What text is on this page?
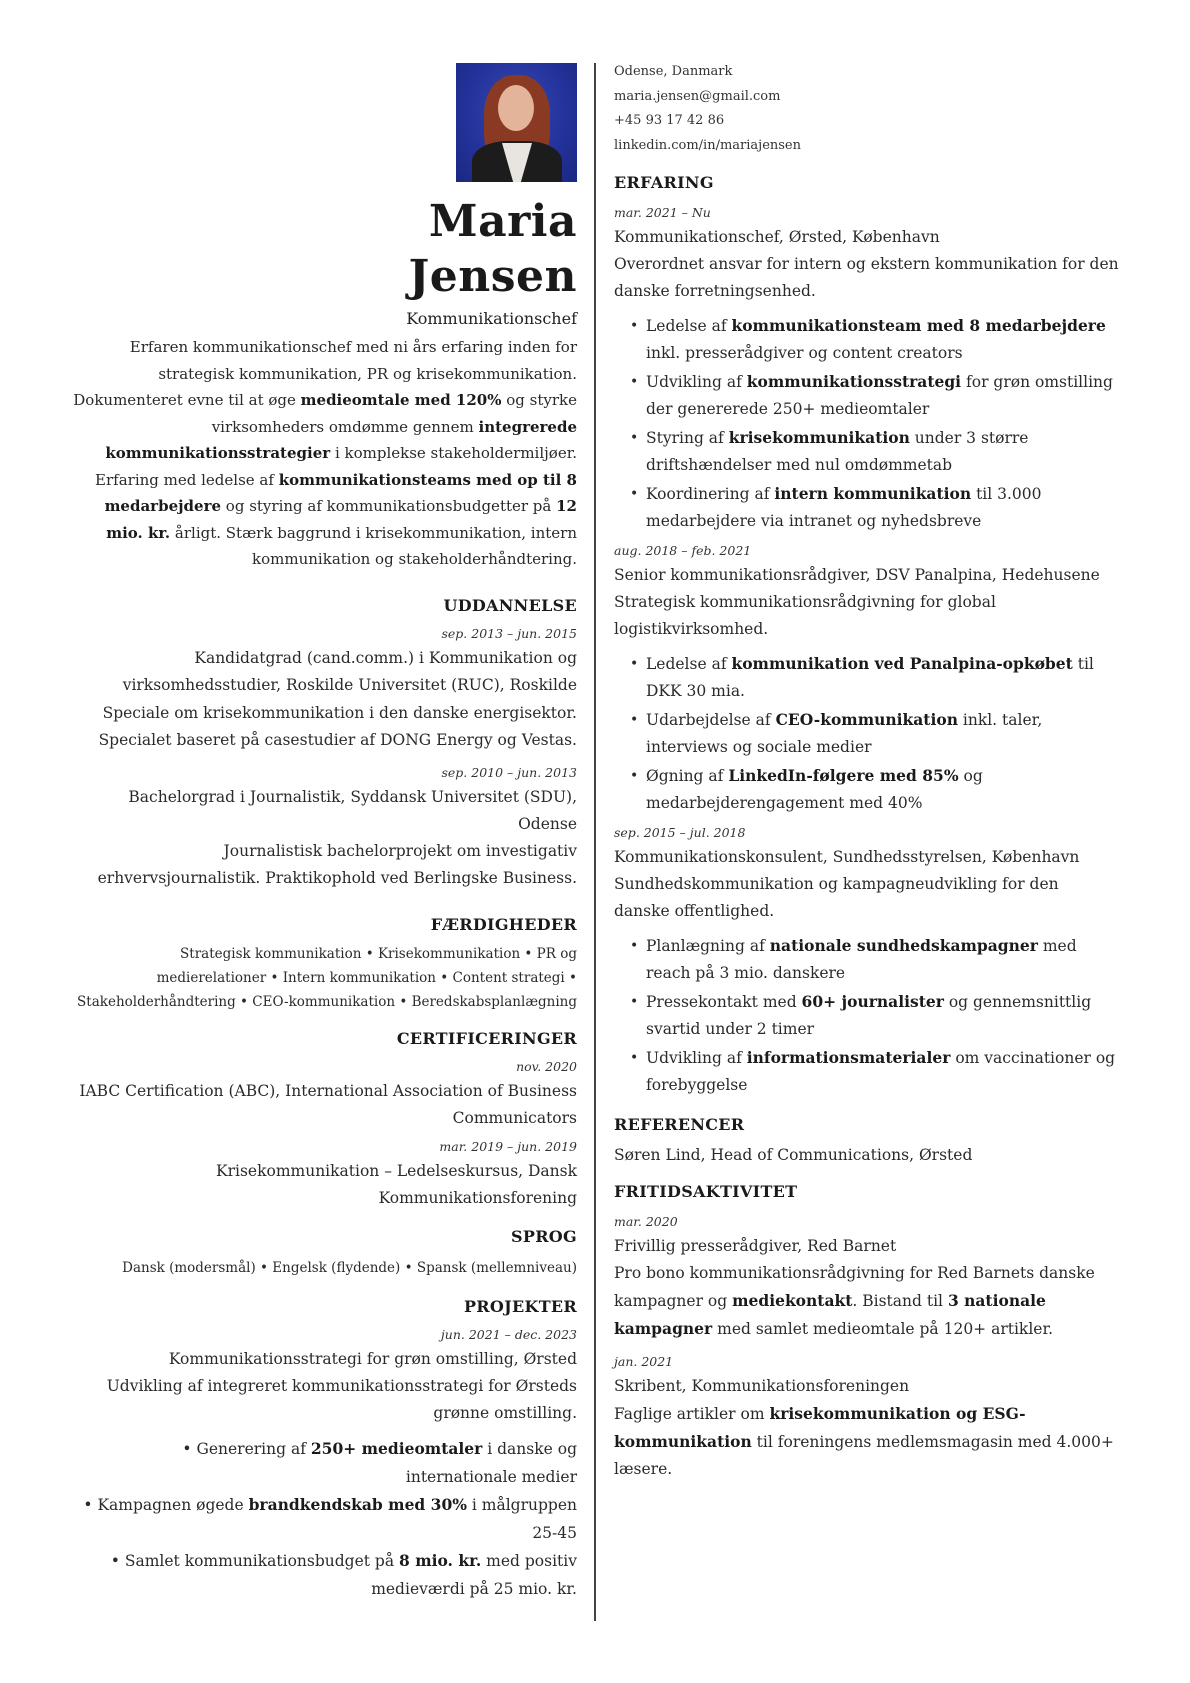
Maria
Jensen
Kommunikationschef

Erfaren kommunikationschef med ni års erfaring inden for strategisk kommunikation, PR og krisekommunikation. Dokumenteret evne til at øge medieomtale med 120% og styrke virksomheders omdømme gennem integrerede kommunikationsstrategier i komplekse stakeholdermiljøer. Erfaring med ledelse af kommunikationsteams med op til 8 medarbejdere og styring af kommunikationsbudgetter på 12 mio. kr. årligt. Stærk baggrund i krisekommunikation, intern kommunikation og stakeholderhåndtering.

UDDANNELSE
sep. 2013 – jun. 2015
Kandidatgrad (cand.comm.) i Kommunikation og virksomhedsstudier, Roskilde Universitet (RUC), Roskilde
Speciale om krisekommunikation i den danske energisektor. Specialet baseret på casestudier af DONG Energy og Vestas.
sep. 2010 – jun. 2013
Bachelorgrad i Journalistik, Syddansk Universitet (SDU), Odense
Journalistisk bachelorprojekt om investigativ erhvervsjournalistik. Praktikophold ved Berlingske Business.
FÆRDIGHEDER
Strategisk kommunikation • Krisekommunikation • PR og medierelationer • Intern kommunikation • Content strategi • Stakeholderhåndtering • CEO-kommunikation • Beredskabsplanlægning
CERTIFICERINGER
nov. 2020
IABC Certification (ABC), International Association of Business Communicators
mar. 2019 – jun. 2019
Krisekommunikation – Ledelseskursus, Dansk Kommunikationsforening
SPROG
Dansk (modersmål) • Engelsk (flydende) • Spansk (mellemniveau)
PROJEKTER
jun. 2021 – dec. 2023
Kommunikationsstrategi for grøn omstilling, Ørsted
Udvikling af integreret kommunikationsstrategi for Ørsteds grønne omstilling.
• Generering af 250+ medieomtaler i danske og internationale medier
• Kampagnen øgede brandkendskab med 30% i målgruppen 25-45
• Samlet kommunikationsbudget på 8 mio. kr. med positiv medieværdi på 25 mio. kr.
Odense, Danmark
maria.jensen@gmail.com
+45 93 17 42 86
linkedin.com/in/mariajensen
ERFARING
mar. 2021 – Nu
Kommunikationschef, Ørsted, København
Overordnet ansvar for intern og ekstern kommunikation for den danske forretningsenhed.
• Ledelse af kommunikationsteam med 8 medarbejdere inkl. presserådgiver og content creators
• Udvikling af kommunikationsstrategi for grøn omstilling der genererede 250+ medieomtaler
• Styring af krisekommunikation under 3 større driftshændelser med nul omdømmetab
• Koordinering af intern kommunikation til 3.000 medarbejdere via intranet og nyhedsbreve
aug. 2018 – feb. 2021
Senior kommunikationsrådgiver, DSV Panalpina, Hedehusene
Strategisk kommunikationsrådgivning for global logistikvirksomhed.
• Ledelse af kommunikation ved Panalpina-opkøbet til DKK 30 mia.
• Udarbejdelse af CEO-kommunikation inkl. taler, interviews og sociale medier
• Øgning af LinkedIn-følgere med 85% og medarbejderengagement med 40%
sep. 2015 – jul. 2018
Kommunikationskonsulent, Sundhedsstyrelsen, København
Sundhedskommunikation og kampagneudvikling for den danske offentlighed.
• Planlægning af nationale sundhedskampagner med reach på 3 mio. danskere
• Pressekontakt med 60+ journalister og gennemsnittlig svartid under 2 timer
• Udvikling af informationsmaterialer om vaccinationer og forebyggelse
REFERENCER
Søren Lind, Head of Communications, Ørsted
FRITIDSAKTIVITET
mar. 2020
Frivillig presserådgiver, Red Barnet
Pro bono kommunikationsrådgivning for Red Barnets danske kampagner og mediekontakt. Bistand til 3 nationale kampagner med samlet medieomtale på 120+ artikler.
jan. 2021
Skribent, Kommunikationsforeningen
Faglige artikler om krisekommunikation og ESG-kommunikation til foreningens medlemsmagasin med 4.000+ læsere.
